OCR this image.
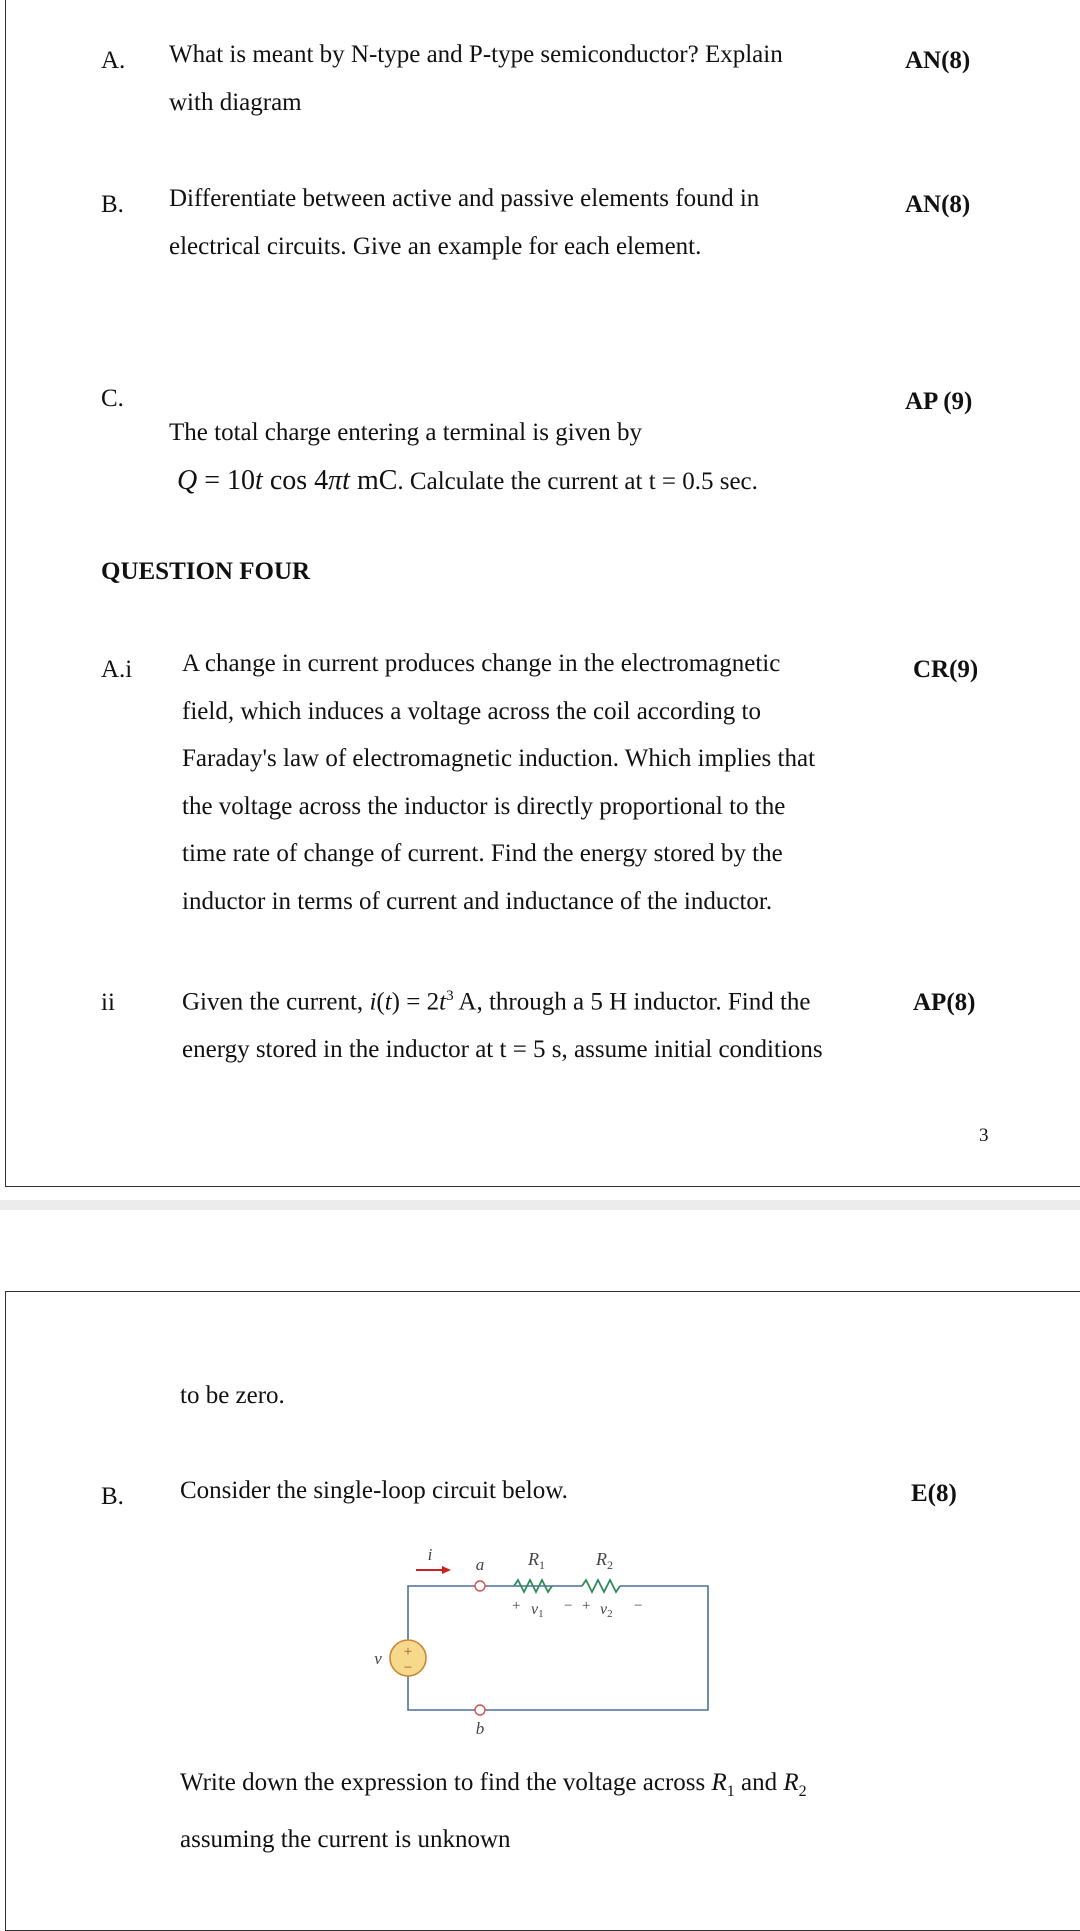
A. What is meant by N-type and P-type semiconductor? Explain
with diagram
AN(8)
B. Differentiate between active and passive elements found in
electrical circuits. Give an example for each element.
AN(8)
C.
The total charge entering a terminal is given by
Q = 10t cos 4πt mC. Calculate the current at t = 0.5 sec.
AP (9)
QUESTION FOUR
A.i A change in current produces change in the electromagnetic
field, which induces a voltage across the coil according to
Faraday's law of electromagnetic induction. Which implies that
the voltage across the inductor is directly proportional to the
time rate of change of current. Find the energy stored by the
inductor in terms of current and inductance of the inductor.
CR(9)
ii	Given the current, $i(t) = 2t^3$ A, through a 5 H inductor. Find the
energy stored in the inductor at t = 5 s, assume initial conditions
AP(8)
3
to be zero.
B. Consider the single-loop circuit below.	E(8)
+
−
i
a
b
v
$R_1$	$R_2$
+ v1 − + v2 −
Write down the expression to find the voltage across $R_1$ and $R_2$
assuming the current is unknown
